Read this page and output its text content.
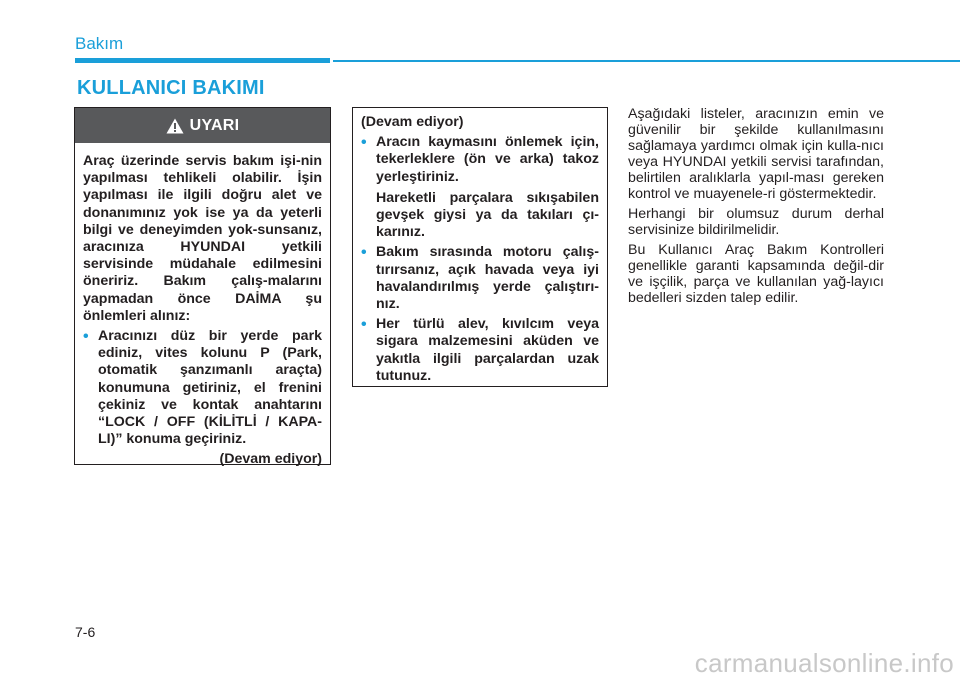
Bakım
KULLANICI BAKIMI
UYARI

Araç üzerinde servis bakım işi-nin yapılması tehlikeli olabilir. İşin yapılması ile ilgili doğru alet ve donanımınız yok ise ya da yeterli bilgi ve deneyimden yok-sunsanız, aracınıza HYUNDAI yetkili servisinde müdahale edilmesini öneririz. Bakım çalış-malarını yapmadan önce DAİMA şu önlemleri alınız:

• Aracınızı düz bir yerde park ediniz, vites kolunu P (Park, otomatik şanzımanlı araçta) konumuna getiriniz, el frenini çekiniz ve kontak anahtarını “LOCK / OFF (KİLİTLİ / KAPA-LI)” konuma geçiriniz.

(Devam ediyor)

(Devam ediyor)

• Aracın kaymasını önlemek için, tekerleklere (ön ve arka) takoz yerleştiriniz.

Hareketli parçalara sıkışabilen gevşek giysi ya da takıları çı-karınız.

• Bakım sırasında motoru çalış-tırırsanız, açık havada veya iyi havalandırılmış yerde çalıştırı-nız.

• Her türlü alev, kıvılcım veya sigara malzemesini aküden ve yakıtla ilgili parçalardan uzak tutunuz.

Aşağıdaki listeler, aracınızın emin ve güvenilir bir şekilde kullanılmasını sağlamaya yardımcı olmak için kulla-nıcı veya HYUNDAI yetkili servisi tarafından, belirtilen aralıklarla yapıl-ması gereken kontrol ve muayenele-ri göstermektedir.

Herhangi bir olumsuz durum derhal servisinize bildirilmelidir.

Bu Kullanıcı Araç Bakım Kontrolleri genellikle garanti kapsamında değil-dir ve işçilik, parça ve kullanılan yağ-layıcı bedelleri sizden talep edilir.

7-6
carmanualsonline.info
